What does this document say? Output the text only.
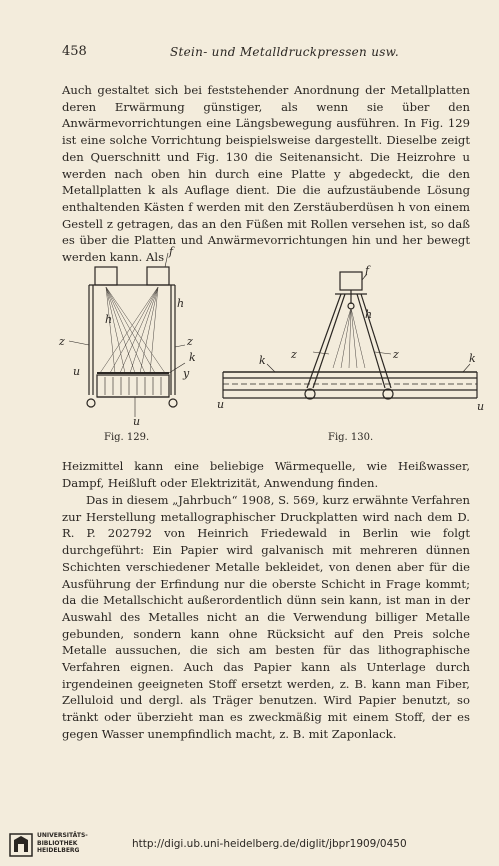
458	Stein- und Metalldruckpressen usw.
Auch gestaltet sich bei feststehender Anordnung der Metallplatten deren Erwärmung günstiger, als wenn sie über den Anwärmevorrichtungen eine Längsbewegung ausführen. In Fig. 129 ist eine solche Vorrichtung beispielsweise dargestellt. Dieselbe zeigt den Querschnitt und Fig. 130 die Seitenansicht. Die Heizrohre u werden nach oben hin durch eine Platte y abgedeckt, die den Metallplatten k als Auflage dient. Die die aufzustäubende Lösung enthaltenden Kästen f werden mit den Zerstäuberdüsen h von einem Gestell z getragen, das an den Füßen mit Rollen versehen ist, so daß es über die Platten und Anwärmevorrichtungen hin und her bewegt werden kann. Als f
h
h
z	z
k
y
u
u
Fig. 129.
f
h
z	z
k	k
u	u
Fig. 130.
Heizmittel kann eine beliebige Wärmequelle, wie Heißwasser, Dampf, Heißluft oder Elektrizität, Anwendung finden.
Das in diesem „Jahrbuch“ 1908, S. 569, kurz erwähnte Verfahren zur Herstellung metallographischer Druckplatten wird nach dem D. R. P. 202792 von Heinrich Friedewald in Berlin wie folgt durchgeführt: Ein Papier wird galvanisch mit mehreren dünnen Schichten verschiedener Metalle bekleidet, von denen aber für die Ausführung der Erfindung nur die oberste Schicht in Frage kommt; da die Metallschicht außerordentlich dünn sein kann, ist man in der Auswahl des Metalles nicht an die Verwendung billiger Metalle gebunden, sondern kann ohne Rücksicht auf den Preis solche Metalle aussuchen, die sich am besten für das lithographische Verfahren eignen. Auch das Papier kann als Unterlage durch irgendeinen geeigneten Stoff ersetzt werden, z. B. kann man Fiber, Zelluloid und dergl. als Träger benutzen. Wird Papier benutzt, so tränkt oder überzieht man es zweckmäßig mit einem Stoff, der es gegen Wasser unempfindlich macht, z. B. mit Zaponlack.
UNIVERSITÄTS-
BIBLIOTHEK
HEIDELBERG
http://digi.ub.uni-heidelberg.de/diglit/jbpr1909/0450
